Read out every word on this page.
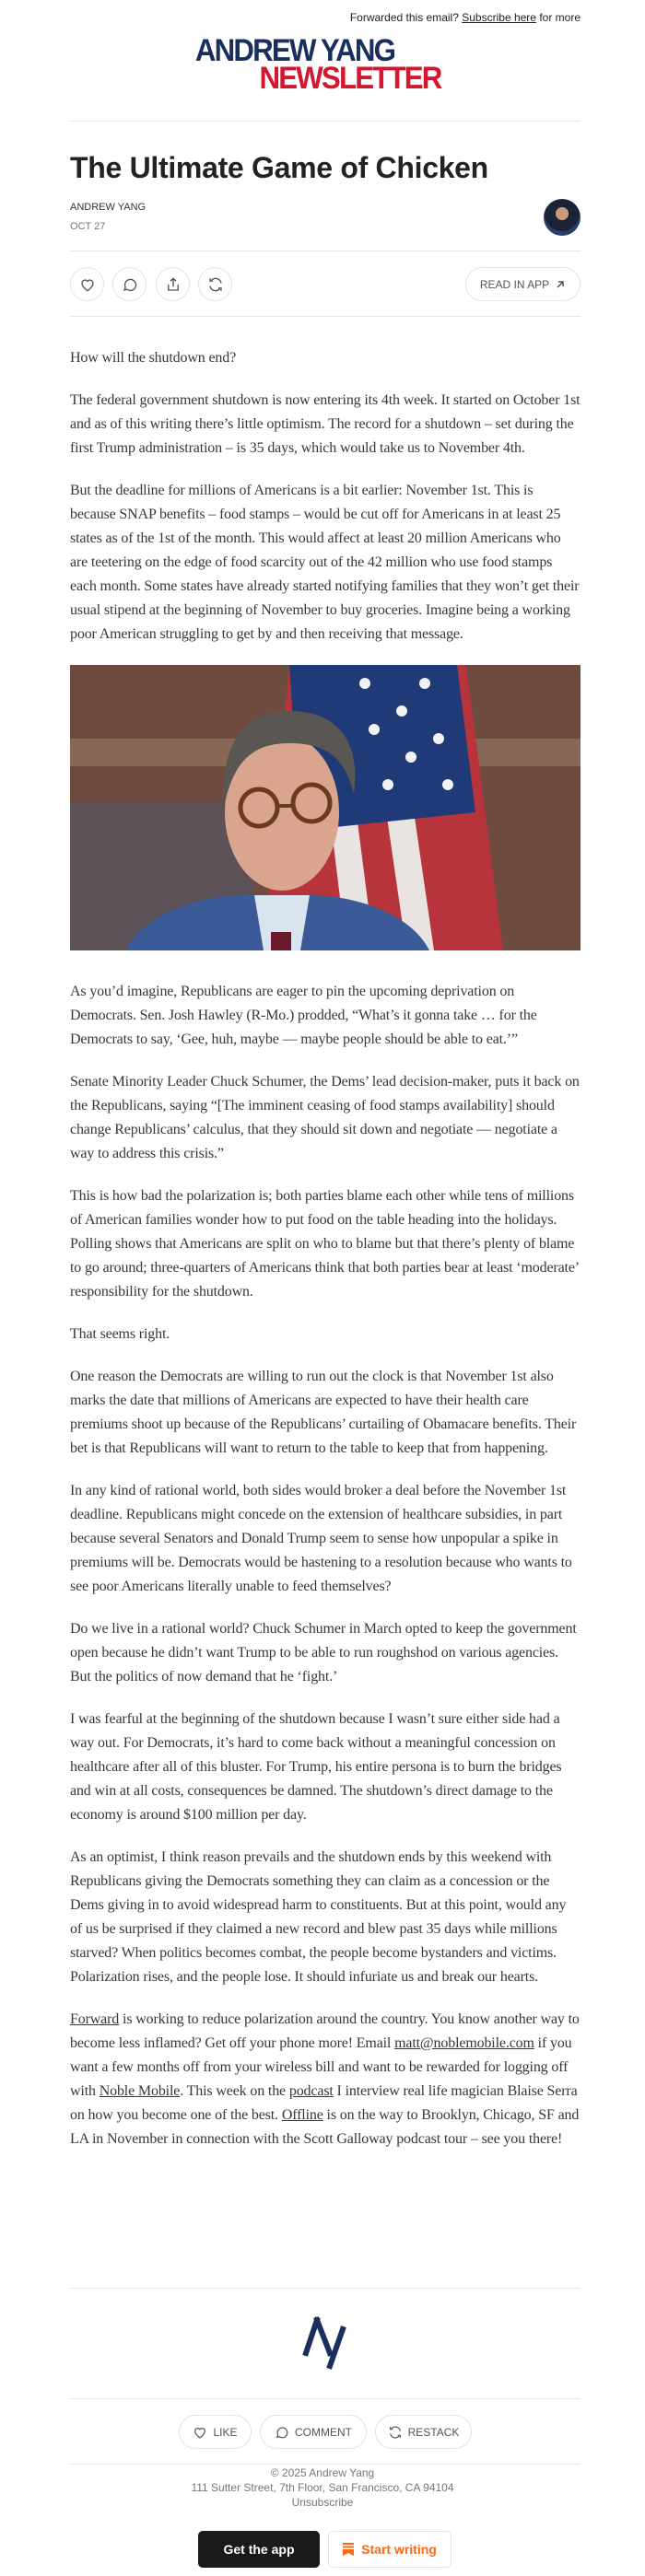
Forwarded this email? Subscribe here for more
ANDREW YANG
NEWSLETTER
The Ultimate Game of Chicken
ANDREW YANG
OCT 27
READ IN APP

How will the shutdown end?

The federal government shutdown is now entering its 4th week. It started on October 1st and as of this writing there’s little optimism. The record for a shutdown – set during the first Trump administration – is 35 days, which would take us to November 4th.

But the deadline for millions of Americans is a bit earlier: November 1st. This is because SNAP benefits – food stamps – would be cut off for Americans in at least 25 states as of the 1st of the month. This would affect at least 20 million Americans who are teetering on the edge of food scarcity out of the 42 million who use food stamps each month. Some states have already started notifying families that they won’t get their usual stipend at the beginning of November to buy groceries. Imagine being a working poor American struggling to get by and then receiving that message.

As you’d imagine, Republicans are eager to pin the upcoming deprivation on Democrats. Sen. Josh Hawley (R-Mo.) prodded, “What’s it gonna take … for the Democrats to say, ‘Gee, huh, maybe — maybe people should be able to eat.’”

Senate Minority Leader Chuck Schumer, the Dems’ lead decision-maker, puts it back on the Republicans, saying “[The imminent ceasing of food stamps availability] should change Republicans’ calculus, that they should sit down and negotiate — negotiate a way to address this crisis.”

This is how bad the polarization is; both parties blame each other while tens of millions of American families wonder how to put food on the table heading into the holidays. Polling shows that Americans are split on who to blame but that there’s plenty of blame to go around; three-quarters of Americans think that both parties bear at least ‘moderate’ responsibility for the shutdown.

That seems right.

One reason the Democrats are willing to run out the clock is that November 1st also marks the date that millions of Americans are expected to have their health care premiums shoot up because of the Republicans’ curtailing of Obamacare benefits. Their bet is that Republicans will want to return to the table to keep that from happening.

In any kind of rational world, both sides would broker a deal before the November 1st deadline. Republicans might concede on the extension of healthcare subsidies, in part because several Senators and Donald Trump seem to sense how unpopular a spike in premiums will be. Democrats would be hastening to a resolution because who wants to see poor Americans literally unable to feed themselves?

Do we live in a rational world? Chuck Schumer in March opted to keep the government open because he didn’t want Trump to be able to run roughshod on various agencies. But the politics of now demand that he ‘fight.’

I was fearful at the beginning of the shutdown because I wasn’t sure either side had a way out. For Democrats, it’s hard to come back without a meaningful concession on healthcare after all of this bluster. For Trump, his entire persona is to burn the bridges and win at all costs, consequences be damned. The shutdown’s direct damage to the economy is around $100 million per day.

As an optimist, I think reason prevails and the shutdown ends by this weekend with Republicans giving the Democrats something they can claim as a concession or the Dems giving in to avoid widespread harm to constituents. But at this point, would any of us be surprised if they claimed a new record and blew past 35 days while millions starved? When politics becomes combat, the people become bystanders and victims. Polarization rises, and the people lose. It should infuriate us and break our hearts.

Forward is working to reduce polarization around the country. You know another way to become less inflamed? Get off your phone more! Email matt@noblemobile.com if you want a few months off from your wireless bill and want to be rewarded for logging off with Noble Mobile. This week on the podcast I interview real life magician Blaise Serra on how you become one of the best. Offline is on the way to Brooklyn, Chicago, SF and LA in November in connection with the Scott Galloway podcast tour – see you there!

LIKE	COMMENT	RESTACK
© 2025 Andrew Yang
111 Sutter Street, 7th Floor, San Francisco, CA 94104
Unsubscribe
Get the app	Start writing
